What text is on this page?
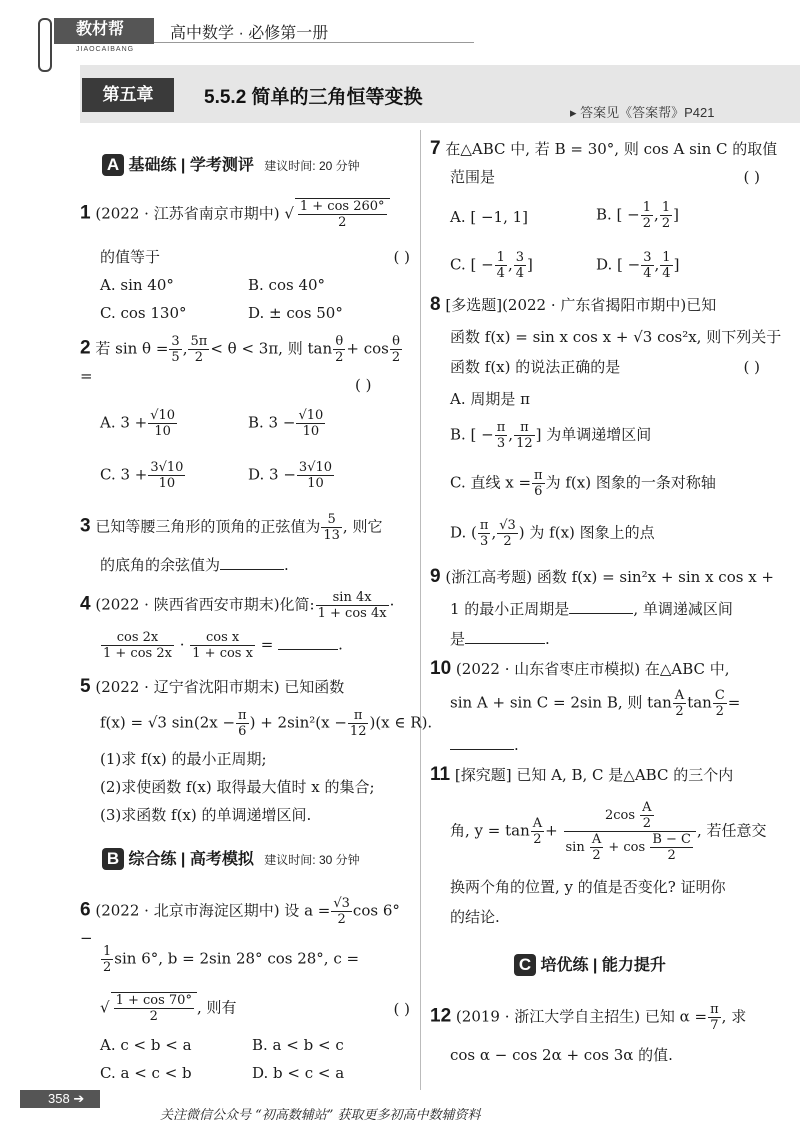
教材帮
JIAOCAIBANG
高中数学 · 必修第一册
第五章	5.5.2 简单的三角恒等变换
▸ 答案见《答案帮》P421
A 基础练 | 学考测评 建议时间: 20 分钟
1 (2022 · 江苏省南京市期中) √ $\frac{1 + \cos 260^\circ}{2}$
的值等于	( )
A. sin 40°	B. cos 40°
C. cos 130°	D. ± cos 50°
2 若 $\sin \theta = \frac{3}{5}$ , $\frac{5\pi}{2} < \theta < 3\pi$, 则 $\tan \frac{\theta}{2} + \cos \frac{\theta}{2}$
=	( )
A. $3 + \frac{√10}{10}$	B. $3 - \frac{√10}{10}$
C. $3 + \frac{3√10}{10}$	D. $3 - \frac{3√10}{10}$
3 已知等腰三角形的顶角的正弦值为 $\frac{5}{13}$ , 则它
的底角的余弦值为	.
4 (2022 · 陕西省西安市期末)化简: $\frac{\sin 4x}{1 + \cos 4x}$ ·
$\frac{\cos 2x}{1 + \cos 2x} \cdot \frac{\text{cos x}}{\text{1 + cos x}}$ =	.
5 (2022 · 辽宁省沈阳市期末) 已知函数
f(x) = √3 $\sin(2x - \frac{\pi}{6}$ ) + $2\sin^2(x - \frac{\pi}{12} )(x$ ∈ R).
(1)求 f(x) 的最小正周期;
(2)求使函数 f(x) 取得最大值时 x 的集合;
(3)求函数 f(x) 的单调递增区间.
B 综合练 | 高考模拟 建议时间: 30 分钟
6 (2022 · 北京市海淀区期中) 设 $a = \frac{√3}{2}$ cos 6° −
$\frac{1}{2}$ sin 6°, b = 2sin 28° cos 28°, c =
√ $\frac{1 + \cos 70^\circ}{2}$ , 则有	( )
A. c < b < a	B. a < b < c
C. a < c < b	D. b < c < a
7 在△ABC 中, 若 B = 30°, 则 cos A sin C 的取值
范围是	( )
A. [ −1, 1]	B. [ − $\frac{1}{2}$ , $\frac{1}{2}$ ]
C. [ − $\frac{1}{4}$ , $\frac{3}{4}$ ]	D. [ − $\frac{3}{4}$ , $\frac{1}{4}$ ]
8 [多选题](2022 · 广东省揭阳市期中)已知
函数 f(x) = sin x cos x + √3 cos²x, 则下列关于
函数 f(x) 的说法正确的是	( )
A. 周期是 π
B. [ − $\frac{\pi}{3}$ , $\frac{\pi}{12}$ ] 为单调递增区间
C. 直线 $x = \frac{\pi}{6}$ 为 f(x) 图象的一条对称轴
D. ( $\frac{\pi}{3}$ , $\frac{√3}{2}$ ) 为 f(x) 图象上的点
9 (浙江高考题) 函数 f(x) = sin²x + sin x cos x +
1 的最小正周期是	, 单调递减区间
是	.
10 (2022 · 山东省枣庄市模拟) 在△ABC 中,
sin A + sin C = 2sin B, 则 $\tan \frac{A}{2}$ $\tan \frac{C}{2}$ =
.
11 [探究题] 已知 A, B, C 是△ABC 的三个内
角, $y = \tan \frac{A}{2} + \frac{2\cos \frac{A}{2}}{\sin \frac{A}{2} + \cos \frac{B - C}{2}}$ , 若任意交
换两个角的位置, y 的值是否变化? 证明你
的结论.
C 培优练 | 能力提升
12 (2019 · 浙江大学自主招生) 已知 $\alpha = \frac{\pi}{7}$ , 求
cos α − cos 2α + cos 3α 的值.
358 ➔
关注微信公众号 “初高数辅站” 获取更多初高中数辅资料
